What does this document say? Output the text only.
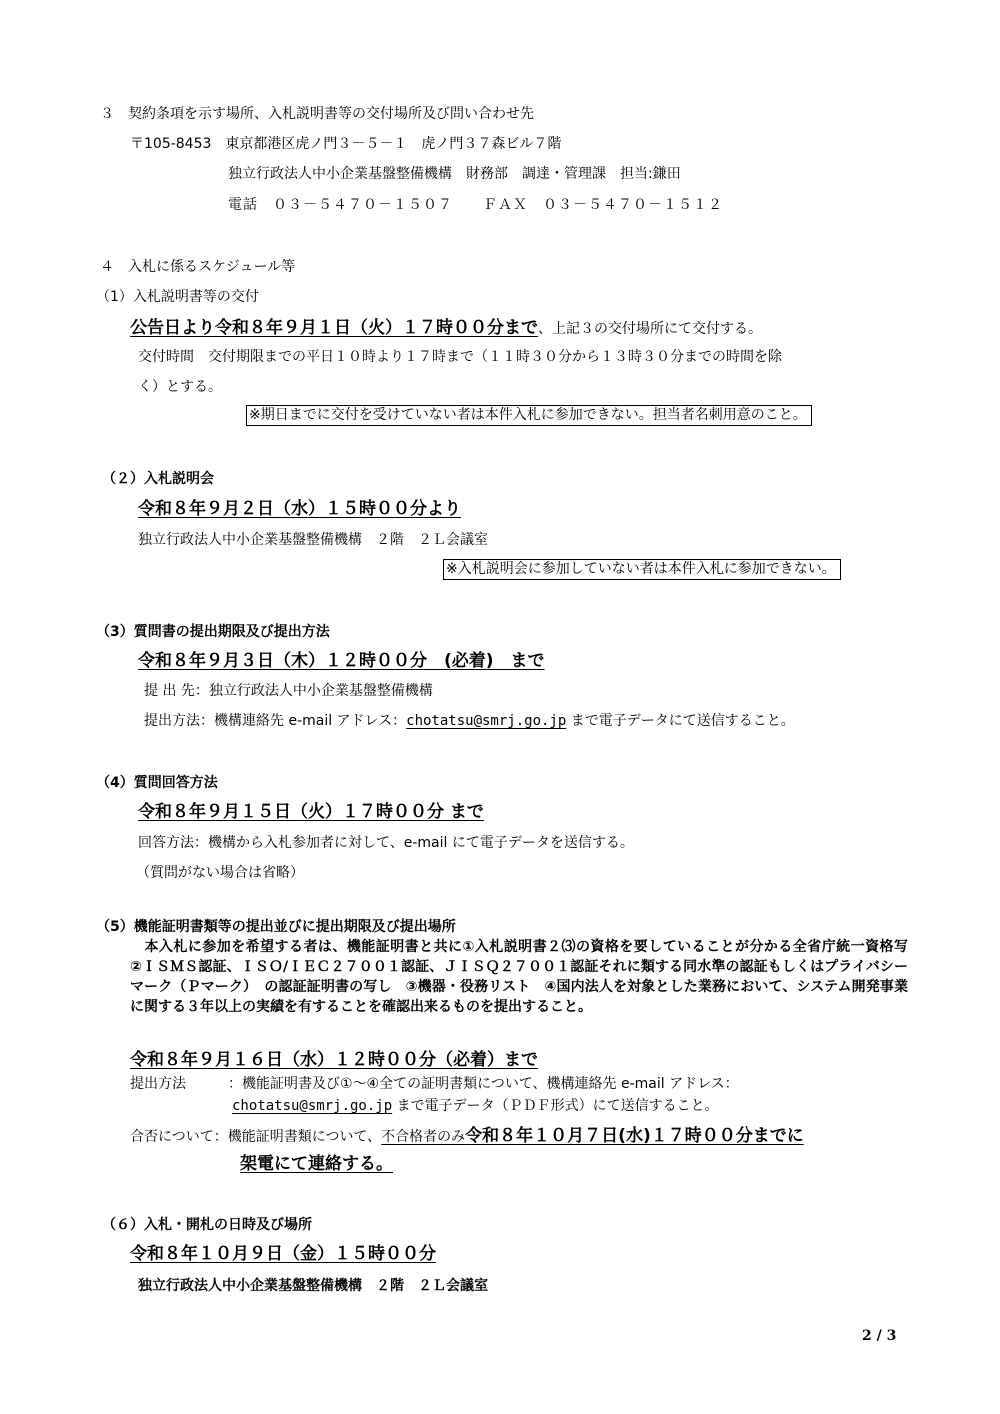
３　契約条項を示す場所、入札説明書等の交付場所及び問い合わせ先
〒105-8453　東京都港区虎ノ門３－５－１　虎ノ門３７森ビル７階
独立行政法人中小企業基盤整備機構　財務部　調達・管理課　担当:鎌田
電話　０３－５４７０－１５０７　　ＦＡＸ　０３－５４７０－１５１２
４　入札に係るスケジュール等
（1）入札説明書等の交付
公告日より令和８年９月１日（火）１７時００分まで、上記３の交付場所にて交付する。
交付時間　交付期限までの平日１０時より１７時まで（１１時３０分から１３時３０分までの時間を除
く）とする。
※期日までに交付を受けていない者は本件入札に参加できない。担当者名刺用意のこと。
（２）入札説明会
令和８年９月２日（水）１５時００分より
独立行政法人中小企業基盤整備機構　２階　２Ｌ会議室
※入札説明会に参加していない者は本件入札に参加できない。
（3）質問書の提出期限及び提出方法
令和８年９月３日（木）１２時００分　(必着)　まで
提 出 先：独立行政法人中小企業基盤整備機構
提出方法：機構連絡先 e-mail アドレス：chotatsu@smrj.go.jp まで電子データにて送信すること。
（4）質問回答方法
令和８年９月１５日（火）１７時００分 まで
回答方法：機構から入札参加者に対して、e-mail にて電子データを送信する。
（質問がない場合は省略）
（5）機能証明書類等の提出並びに提出期限及び提出場所
　本入札に参加を希望する者は、機能証明書と共に①入札説明書２⑶の資格を要していることが分かる全省庁統一資格写　②ＩＳＭＳ認証、ＩＳＯ/ＩＥＣ２７００１認証、ＪＩＳＱ２７００１認証それに類する同水準の認証もしくはプライバシーマーク（Ｐマーク）　の認証証明書の写し　③機器・役務リスト　④国内法人を対象とした業務において、システム開発事業に関する３年以上の実績を有することを確認出来るものを提出すること。
令和８年９月１６日（水）１２時００分（必着）まで
提出方法	：機能証明書及び①～④全ての証明書類について、機構連絡先 e-mail アドレス：
chotatsu@smrj.go.jp まで電子データ（ＰＤＦ形式）にて送信すること。
合否について：機能証明書類について、不合格者のみ令和８年１０月７日(水)１７時００分までに
架電にて連絡する。
（６）入札・開札の日時及び場所
令和８年１０月９日（金）１５時００分
独立行政法人中小企業基盤整備機構　２階　２Ｌ会議室
2 / 3
